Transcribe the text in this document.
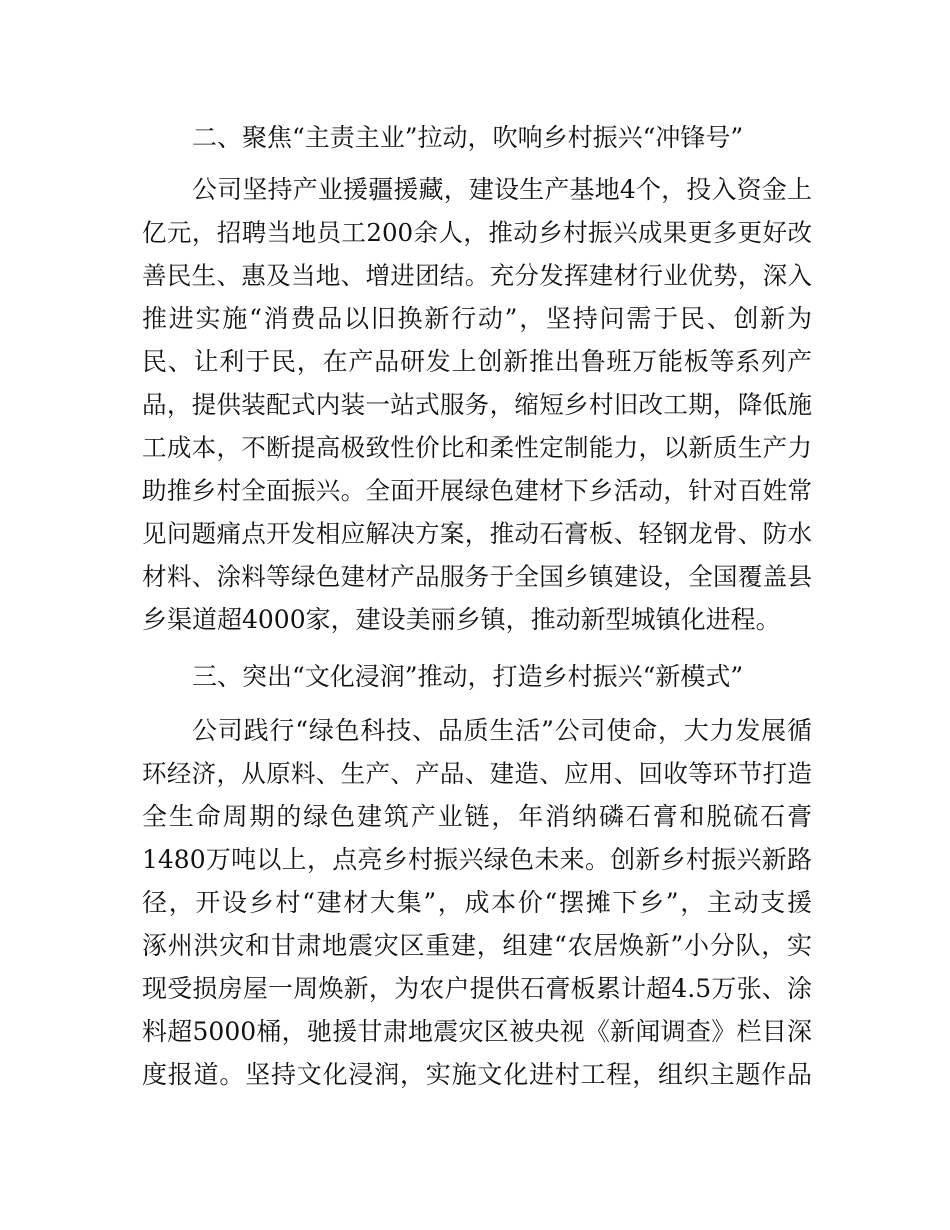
二、聚焦“主责主业”拉动，吹响乡村振兴“冲锋号”
公司坚持产业援疆援藏，建设生产基地4个，投入资金上
亿元，招聘当地员工200余人，推动乡村振兴成果更多更好改
善民生、惠及当地、增进团结。充分发挥建材行业优势，深入
推进实施“消费品以旧换新行动”，坚持问需于民、创新为
民、让利于民，在产品研发上创新推出鲁班万能板等系列产
品，提供装配式内装一站式服务，缩短乡村旧改工期，降低施
工成本，不断提高极致性价比和柔性定制能力，以新质生产力
助推乡村全面振兴。全面开展绿色建材下乡活动，针对百姓常
见问题痛点开发相应解决方案，推动石膏板、轻钢龙骨、防水
材料、涂料等绿色建材产品服务于全国乡镇建设，全国覆盖县
乡渠道超4000家，建设美丽乡镇，推动新型城镇化进程。
三、突出“文化浸润”推动，打造乡村振兴“新模式”
公司践行“绿色科技、品质生活”公司使命，大力发展循
环经济，从原料、生产、产品、建造、应用、回收等环节打造
全生命周期的绿色建筑产业链，年消纳磷石膏和脱硫石膏
1480万吨以上，点亮乡村振兴绿色未来。创新乡村振兴新路
径，开设乡村“建材大集”，成本价“摆摊下乡”，主动支援
涿州洪灾和甘肃地震灾区重建，组建“农居焕新”小分队，实
现受损房屋一周焕新，为农户提供石膏板累计超4.5万张、涂
料超5000桶，驰援甘肃地震灾区被央视《新闻调查》栏目深
度报道。坚持文化浸润，实施文化进村工程，组织主题作品
